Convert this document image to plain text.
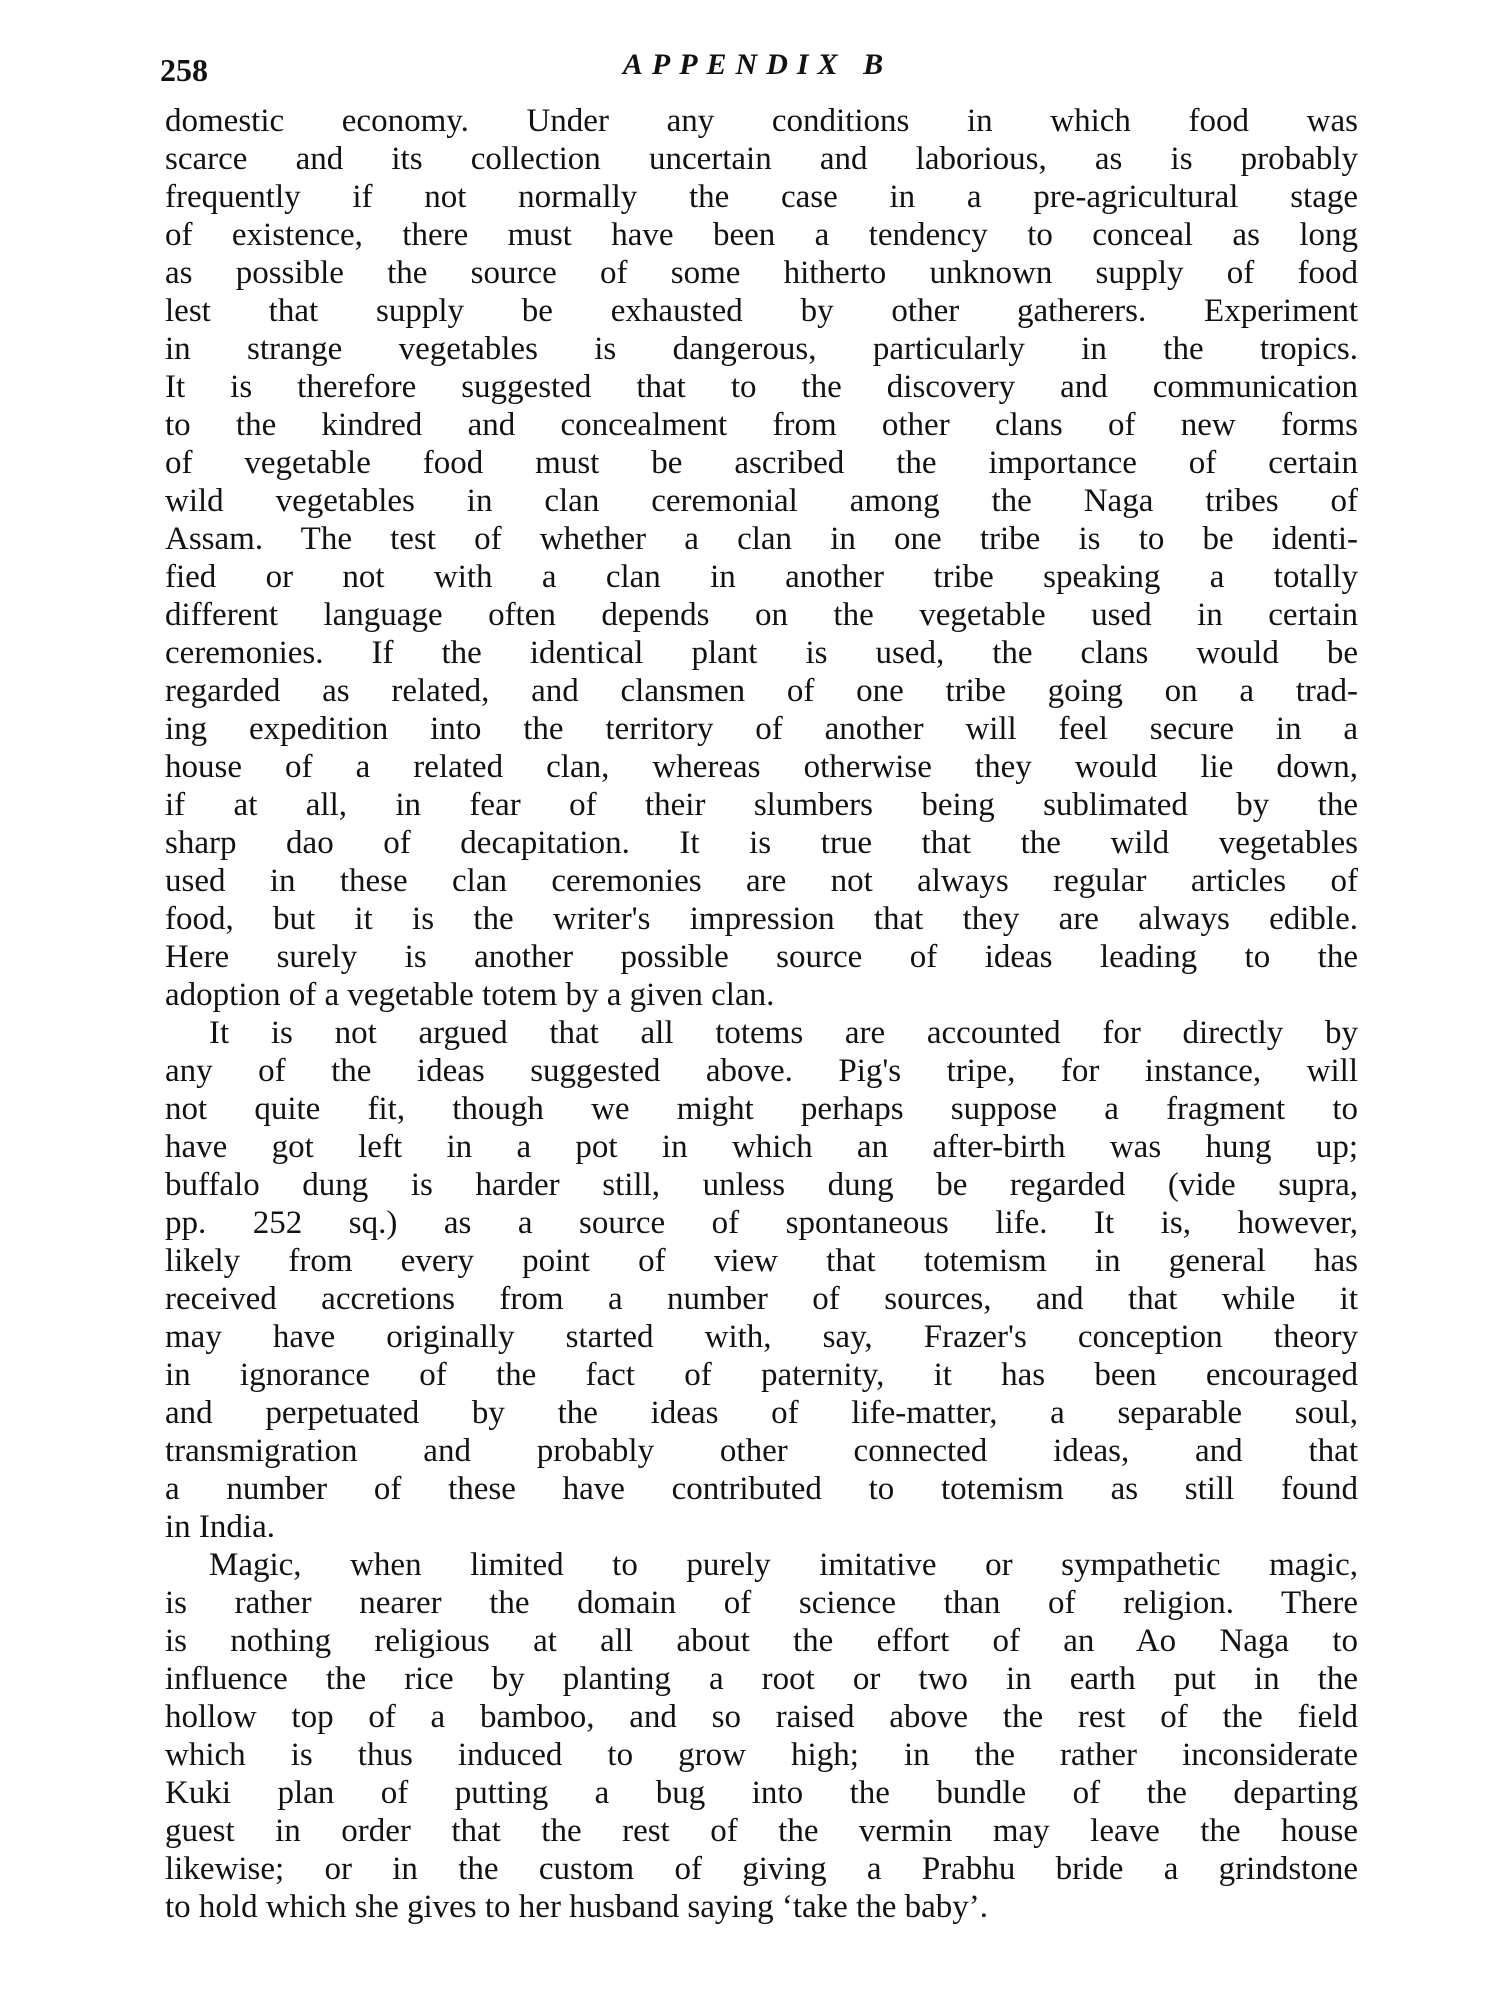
258	APPENDIX B
domestic economy. Under any conditions in which food was
scarce and its collection uncertain and laborious, as is probably
frequently if not normally the case in a pre-agricultural stage
of existence, there must have been a tendency to conceal as long
as possible the source of some hitherto unknown supply of food
lest that supply be exhausted by other gatherers. Experiment
in strange vegetables is dangerous, particularly in the tropics.
It is therefore suggested that to the discovery and communication
to the kindred and concealment from other clans of new forms
of vegetable food must be ascribed the importance of certain
wild vegetables in clan ceremonial among the Naga tribes of
Assam. The test of whether a clan in one tribe is to be identi-
fied or not with a clan in another tribe speaking a totally
different language often depends on the vegetable used in certain
ceremonies. If the identical plant is used, the clans would be
regarded as related, and clansmen of one tribe going on a trad-
ing expedition into the territory of another will feel secure in a
house of a related clan, whereas otherwise they would lie down,
if at all, in fear of their slumbers being sublimated by the
sharp dao of decapitation. It is true that the wild vegetables
used in these clan ceremonies are not always regular articles of
food, but it is the writer's impression that they are always edible.
Here surely is another possible source of ideas leading to the
adoption of a vegetable totem by a given clan.
It is not argued that all totems are accounted for directly by
any of the ideas suggested above. Pig's tripe, for instance, will
not quite fit, though we might perhaps suppose a fragment to
have got left in a pot in which an after-birth was hung up;
buffalo dung is harder still, unless dung be regarded (vide supra,
pp. 252 sq.) as a source of spontaneous life. It is, however,
likely from every point of view that totemism in general has
received accretions from a number of sources, and that while it
may have originally started with, say, Frazer's conception theory
in ignorance of the fact of paternity, it has been encouraged
and perpetuated by the ideas of life-matter, a separable soul,
transmigration and probably other connected ideas, and that
a number of these have contributed to totemism as still found
in India.
Magic, when limited to purely imitative or sympathetic magic,
is rather nearer the domain of science than of religion. There
is nothing religious at all about the effort of an Ao Naga to
influence the rice by planting a root or two in earth put in the
hollow top of a bamboo, and so raised above the rest of the field
which is thus induced to grow high; in the rather inconsiderate
Kuki plan of putting a bug into the bundle of the departing
guest in order that the rest of the vermin may leave the house
likewise; or in the custom of giving a Prabhu bride a grindstone
to hold which she gives to her husband saying ‘take the baby’.
